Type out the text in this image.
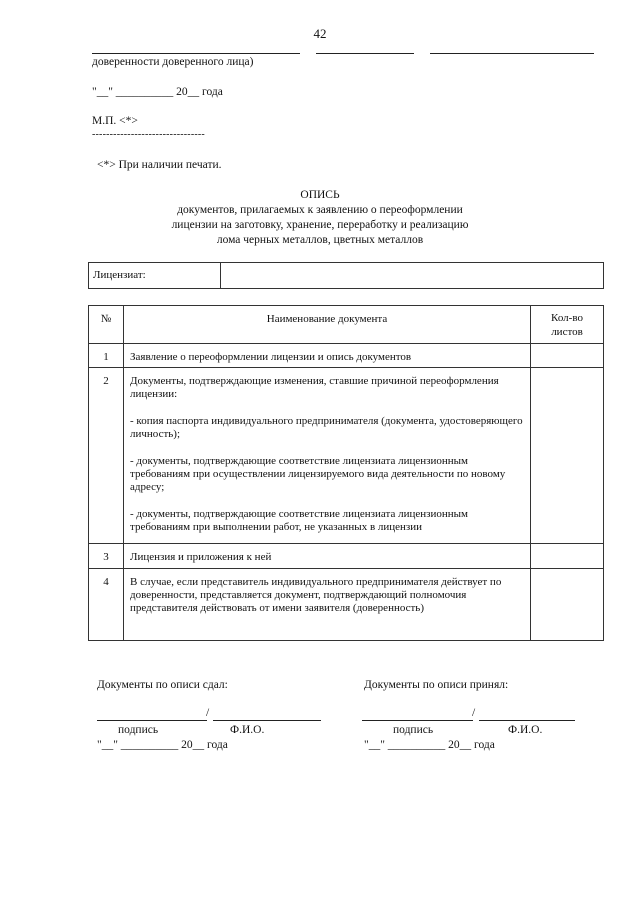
42
доверенности доверенного лица)
"__" __________ 20__ года
М.П. <*>
--------------------------------
<*> При наличии печати.
ОПИСЬ
документов, прилагаемых к заявлению о переоформлении
лицензии на заготовку, хранение, переработку и реализацию
лома черных металлов, цветных металлов
Лицензиат:	
№	Наименование документа	Кол-во листов
1	Заявление о переоформлении лицензии и опись документов	

2	Документы, подтверждающие изменения, ставшие причиной переоформления лицензии:

- копия паспорта индивидуального предпринимателя (документа, удостоверяющего личность);

- документы, подтверждающие соответствие лицензиата лицензионным требованиям при осуществлении лицензируемого вида деятельности по новому адресу;

- документы, подтверждающие соответствие лицензиата лицензионным требованиям при выполнении работ, не указанных в лицензии	

3	Лицензия и приложения к ней	

4	В случае, если представитель индивидуального предпринимателя действует по доверенности, представляется документ, подтверждающий полномочия представителя действовать от имени заявителя (доверенность)	

Документы по описи сдал:
/
подпись	Ф.И.О.
"__" __________ 20__ года
Документы по описи принял:
/
подпись	Ф.И.О.
"__" __________ 20__ года
